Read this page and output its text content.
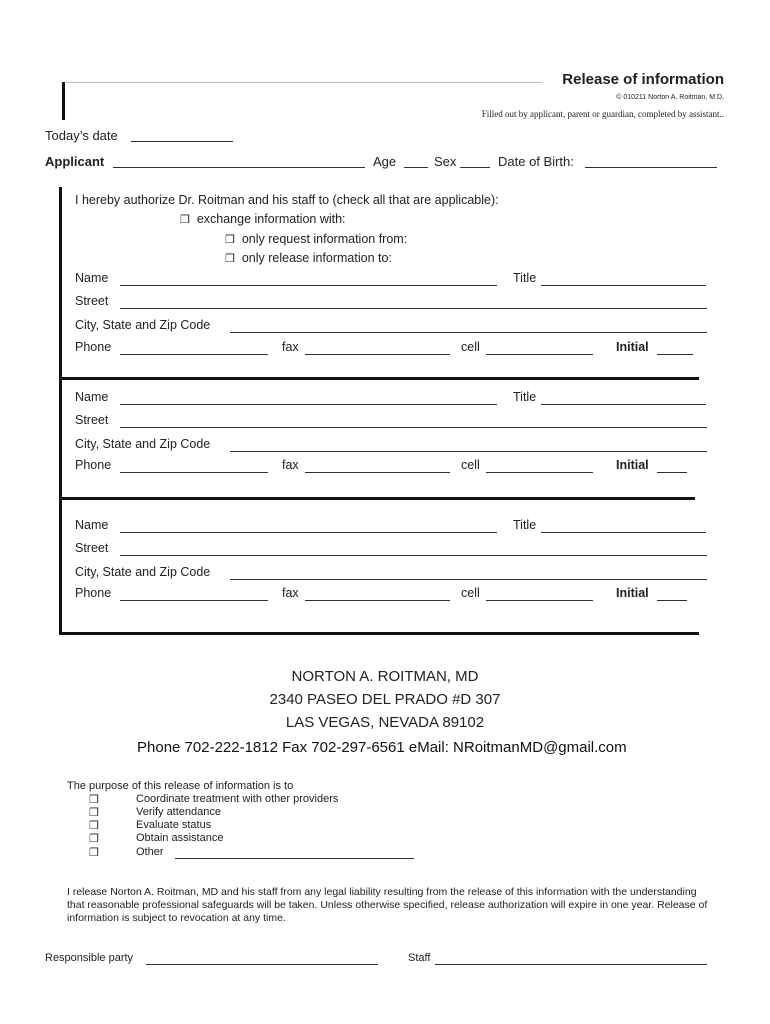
Release of information
© 010211 Norton A. Roitman, M.D.
Filled out by applicant, parent or guardian, completed by assistant..
Today’s date
Applicant	Age	Sex	Date of Birth:
I hereby authorize Dr. Roitman and his staff to (check all that are applicable):
❒ exchange information with:
❒ only request information from:
❒ only release information to:
Name	Title
Street
City, State and Zip Code
Phone	fax	cell	Initial
Name	Title
Street
City, State and Zip Code
Phone	fax	cell	Initial
Name	Title
Street
City, State and Zip Code
Phone	fax	cell	Initial
NORTON A. ROITMAN, MD
2340 PASEO DEL PRADO #D 307
LAS VEGAS, NEVADA 89102
Phone 702-222-1812 Fax 702-297-6561 eMail: NRoitmanMD@gmail.com
The purpose of this release of information is to
❒	Coordinate treatment with other providers
❒	Verify attendance
❒	Evaluate status
❒	Obtain assistance
❒	Other
I release Norton A. Roitman, MD and his staff from any legal liability resulting from the release of this information with the understanding that reasonable professional safeguards will be taken. Unless otherwise specified, release authorization will expire in one year. Release of information is subject to revocation at any time.
Responsible party	Staff
